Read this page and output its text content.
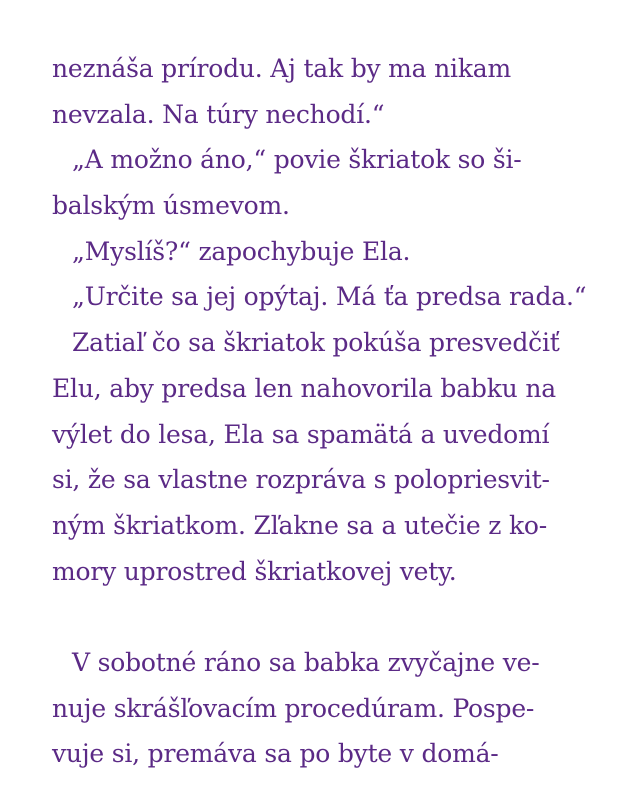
neznáša prírodu. Aj tak by ma nikam
nevzala. Na túry nechodí.“
„A možno áno,“ povie škriatok so ši-
balským úsmevom.
„Myslíš?“ zapochybuje Ela.
„Určite sa jej opýtaj. Má ťa predsa rada.“
Zatiaľ čo sa škriatok pokúša presvedčiť
Elu, aby predsa len nahovorila babku na
výlet do lesa, Ela sa spamätá a uvedomí
si, že sa vlastne rozpráva s polopriesvit-
ným škriatkom. Zľakne sa a utečie z ko-
mory uprostred škriatkovej vety.
V sobotné ráno sa babka zvyčajne ve-
nuje skrášľovacím procedúram. Pospe-
vuje si, premáva sa po byte v domá-
